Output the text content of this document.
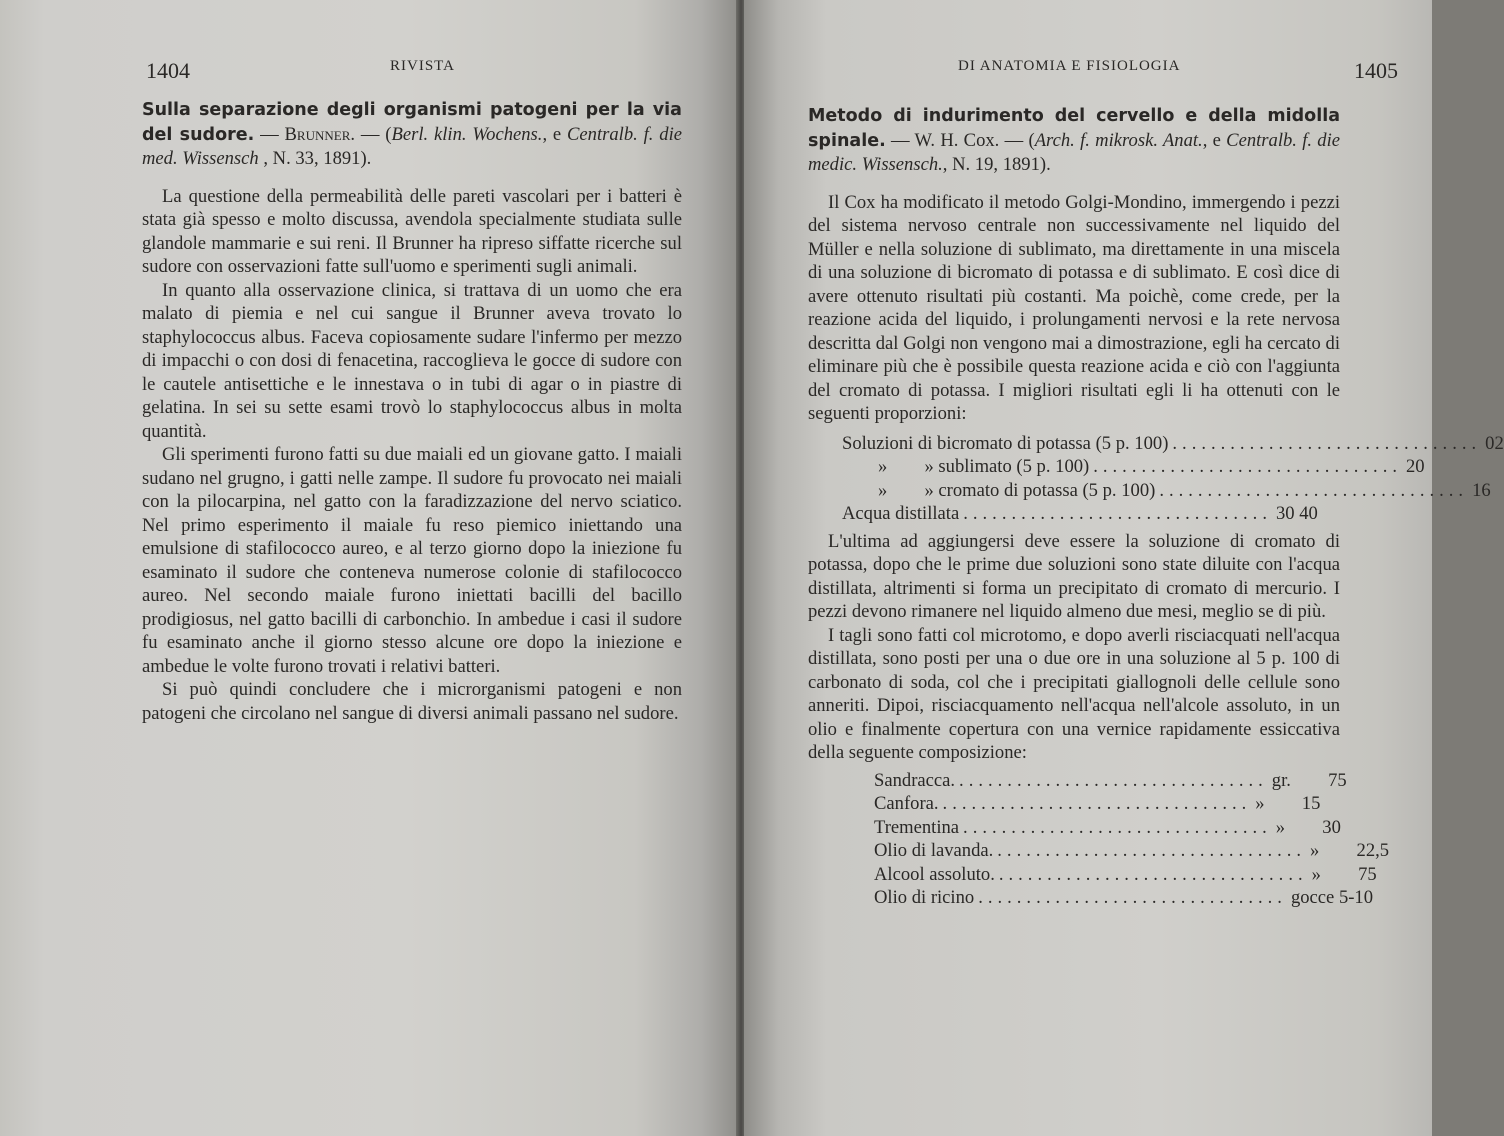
1404	RIVISTA

Sulla separazione degli organismi patogeni per la via del sudore. — Brunner. — (Berl. klin. Wochens., e Centralb. f. die med. Wissensch , N. 33, 1891).

La questione della permeabilità delle pareti vascolari per i batteri è stata già spesso e molto discussa, avendola specialmente studiata sulle glandole mammarie e sui reni. Il Brunner ha ripreso siffatte ricerche sul sudore con osservazioni fatte sull'uomo e sperimenti sugli animali.

In quanto alla osservazione clinica, si trattava di un uomo che era malato di piemia e nel cui sangue il Brunner aveva trovato lo staphylococcus albus. Faceva copiosamente sudare l'infermo per mezzo di impacchi o con dosi di fenacetina, raccoglieva le gocce di sudore con le cautele antisettiche e le innestava o in tubi di agar o in piastre di gelatina. In sei su sette esami trovò lo staphylococcus albus in molta quantità.

Gli sperimenti furono fatti su due maiali ed un giovane gatto. I maiali sudano nel grugno, i gatti nelle zampe. Il sudore fu provocato nei maiali con la pilocarpina, nel gatto con la faradizzazione del nervo sciatico. Nel primo esperimento il maiale fu reso piemico iniettando una emulsione di stafilococco aureo, e al terzo giorno dopo la iniezione fu esaminato il sudore che conteneva numerose colonie di stafilococco aureo. Nel secondo maiale furono iniettati bacilli del bacillo prodigiosus, nel gatto bacilli di carbonchio. In ambedue i casi il sudore fu esaminato anche il giorno stesso alcune ore dopo la iniezione e ambedue le volte furono trovati i relativi batteri.

Si può quindi concludere che i microrganismi patogeni e non patogeni che circolano nel sangue di diversi animali passano nel sudore.

DI ANATOMIA E FISIOLOGIA	1405

Metodo di indurimento del cervello e della midolla spinale. — W. H. Cox. — (Arch. f. mikrosk. Anat., e Centralb. f. die medic. Wissensch., N. 19, 1891).

Il Cox ha modificato il metodo Golgi-Mondino, immergendo i pezzi del sistema nervoso centrale non successivamente nel liquido del Müller e nella soluzione di sublimato, ma direttamente in una miscela di una soluzione di bicromato di potassa e di sublimato. E così dice di avere ottenuto risultati più costanti. Ma poichè, come crede, per la reazione acida del liquido, i prolungamenti nervosi e la rete nervosa descritta dal Golgi non vengono mai a dimostrazione, egli ha cercato di eliminare più che è possibile questa reazione acida e ciò con l'aggiunta del cromato di potassa. I migliori risultati egli li ha ottenuti con le seguenti proporzioni:

Soluzioni di bicromato di potassa (5 p. 100) ................................ 02
»  » sublimato (5 p. 100) ................................ 20
»  » cromato di potassa (5 p. 100) ................................ 16
Acqua distillata ................................ 30 40

L'ultima ad aggiungersi deve essere la soluzione di cromato di potassa, dopo che le prime due soluzioni sono state diluite con l'acqua distillata, altrimenti si forma un precipitato di cromato di mercurio. I pezzi devono rimanere nel liquido almeno due mesi, meglio se di più.

I tagli sono fatti col microtomo, e dopo averli risciacquati nell'acqua distillata, sono posti per una o due ore in una soluzione al 5 p. 100 di carbonato di soda, col che i precipitati giallognoli delle cellule sono anneriti. Dipoi, risciacquamento nell'acqua nell'alcole assoluto, in un olio e finalmente copertura con una vernice rapidamente essiccativa della seguente composizione:

Sandracca. ................................ gr.  75
Canfora. ................................ »  15
Trementina ................................ »  30
Olio di lavanda. ................................ »  22,5
Alcool assoluto. ................................ »  75
Olio di ricino ................................ gocce 5-10
